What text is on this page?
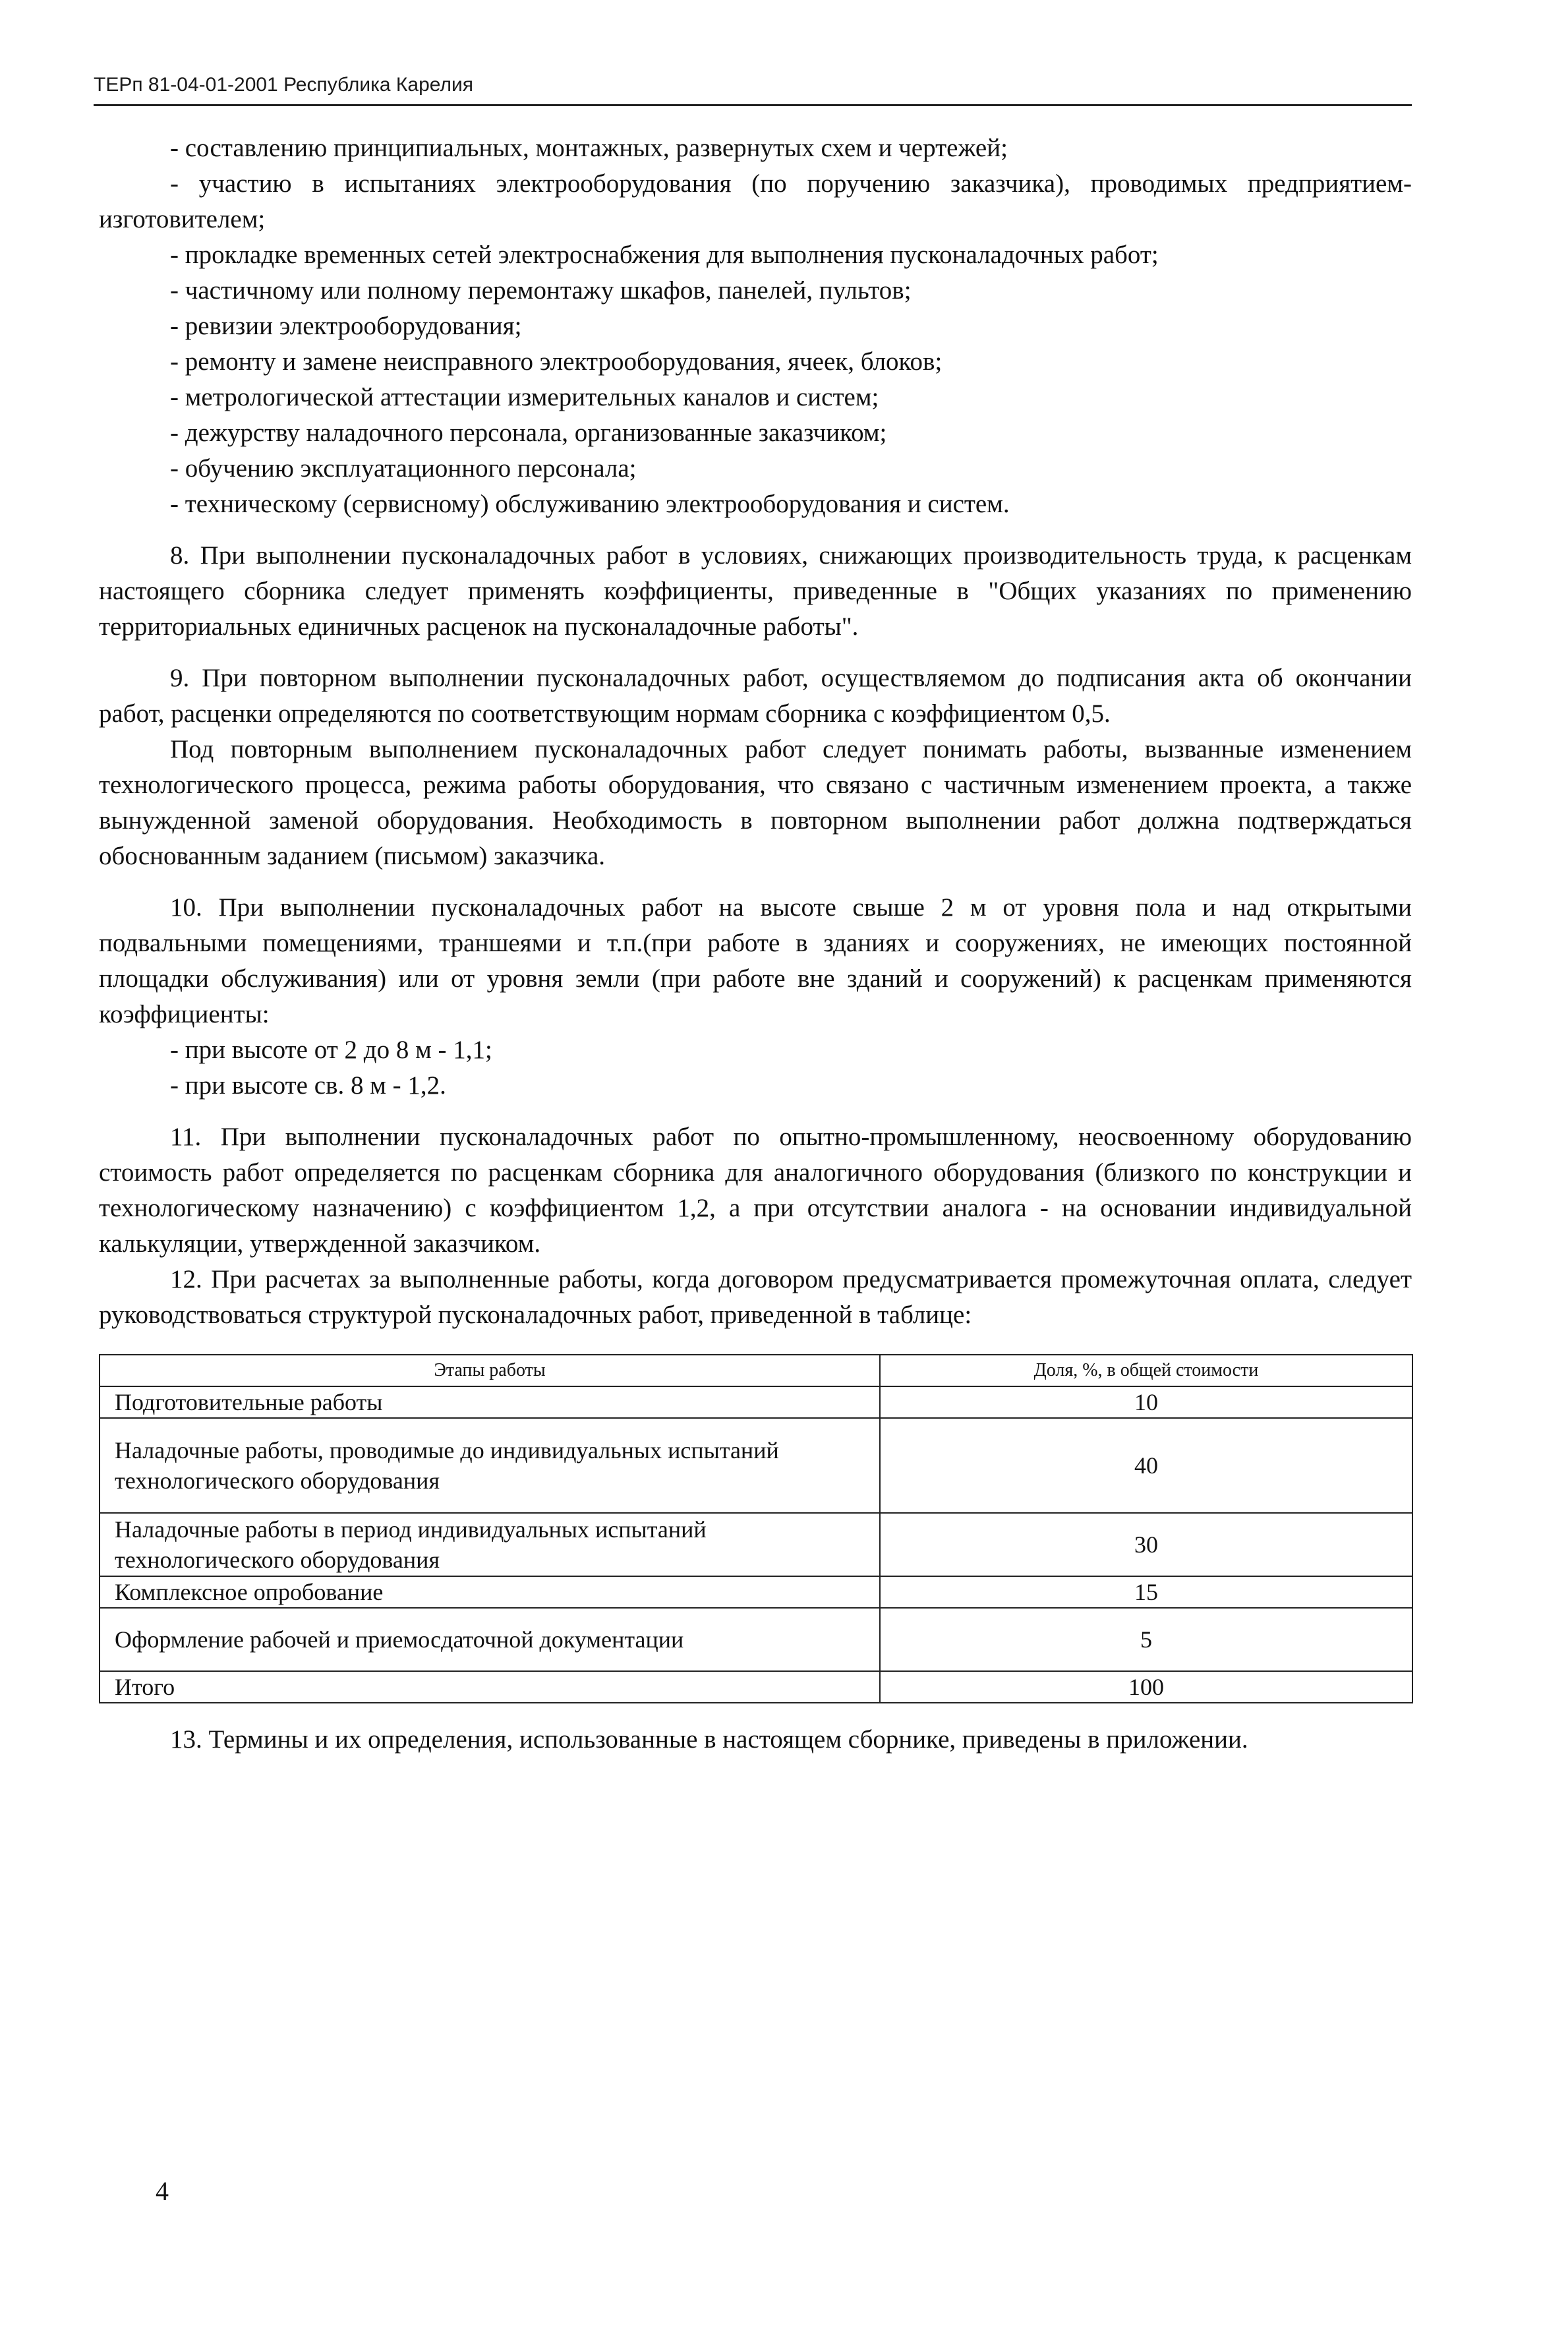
ТЕРп 81-04-01-2001 Республика Карелия

- составлению принципиальных, монтажных, развернутых схем и чертежей;

- участию в испытаниях электрооборудования (по поручению заказчика), проводимых предприятием-изготовителем;

- прокладке временных сетей электроснабжения для выполнения пусконаладочных работ;

- частичному или полному перемонтажу шкафов, панелей, пультов;

- ревизии электрооборудования;

- ремонту и замене неисправного электрооборудования, ячеек, блоков;

- метрологической аттестации измерительных каналов и систем;

- дежурству наладочного персонала, организованные заказчиком;

- обучению эксплуатационного персонала;

- техническому (сервисному) обслуживанию электрооборудования и систем.

8. При выполнении пусконаладочных работ в условиях, снижающих производительность труда, к расценкам настоящего сборника следует применять коэффициенты, приведенные в "Общих указаниях по применению территориальных единичных расценок на пусконаладочные работы".

9. При повторном выполнении пусконаладочных работ, осуществляемом до подписания акта об окончании работ, расценки определяются по соответствующим нормам сборника с коэффициентом 0,5.

Под повторным выполнением пусконаладочных работ следует понимать работы, вызванные изменением технологического процесса, режима работы оборудования, что связано с частичным изменением проекта, а также вынужденной заменой оборудования. Необходимость в повторном выполнении работ должна подтверждаться обоснованным заданием (письмом) заказчика.

10. При выполнении пусконаладочных работ на высоте свыше 2 м от уровня пола и над открытыми подвальными помещениями, траншеями и т.п.(при работе в зданиях и сооружениях, не имеющих постоянной площадки обслуживания) или от уровня земли (при работе вне зданий и сооружений) к расценкам применяются коэффициенты:

- при высоте от 2 до 8 м - 1,1;

- при высоте св. 8 м - 1,2.

11. При выполнении пусконаладочных работ по опытно-промышленному, неосвоенному оборудованию стоимость работ определяется по расценкам сборника для аналогичного оборудования (близкого по конструкции и технологическому назначению) с коэффициентом 1,2, а при отсутствии аналога - на основании индивидуальной калькуляции, утвержденной заказчиком.

12. При расчетах за выполненные работы, когда договором предусматривается промежуточная оплата, следует руководствоваться структурой пусконаладочных работ, приведенной в таблице:

Этапы работы	Доля, %, в общей стоимости
Подготовительные работы	10
Наладочные работы, проводимые до индивидуальных испытаний технологического оборудования	40
Наладочные работы в период индивидуальных испытаний технологического оборудования	30
Комплексное опробование	15
Оформление рабочей и приемосдаточной документации	5
Итого	100

13. Термины и их определения, использованные в настоящем сборнике, приведены в приложении.

4
